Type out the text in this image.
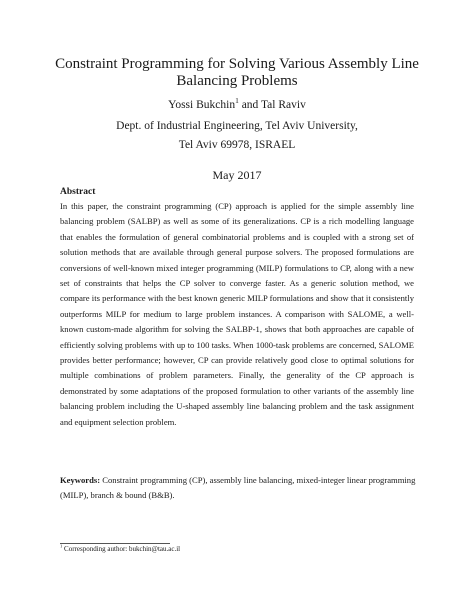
Constraint Programming for Solving Various Assembly Line Balancing Problems
Yossi Bukchin$^1$ and Tal Raviv
Dept. of Industrial Engineering, Tel Aviv University,
Tel Aviv 69978, ISRAEL
May 2017
Abstract
In this paper, the constraint programming (CP) approach is applied for the simple assembly line balancing problem (SALBP) as well as some of its generalizations. CP is a rich modelling language that enables the formulation of general combinatorial problems and is coupled with a strong set of solution methods that are available through general purpose solvers. The proposed formulations are conversions of well-known mixed integer programming (MILP) formulations to CP, along with a new set of constraints that helps the CP solver to converge faster. As a generic solution method, we compare its performance with the best known generic MILP formulations and show that it consistently outperforms MILP for medium to large problem instances. A comparison with SALOME, a well-known custom-made algorithm for solving the SALBP-1, shows that both approaches are capable of efficiently solving problems with up to 100 tasks. When 1000-task problems are concerned, SALOME provides better performance; however, CP can provide relatively good close to optimal solutions for multiple combinations of problem parameters. Finally, the generality of the CP approach is demonstrated by some adaptations of the proposed formulation to other variants of the assembly line balancing problem including the U-shaped assembly line balancing problem and the task assignment and equipment selection problem.
Keywords: Constraint programming (CP), assembly line balancing, mixed-integer linear programming (MILP), branch & bound (B&B).
$^1$ Corresponding author: bukchin@tau.ac.il
